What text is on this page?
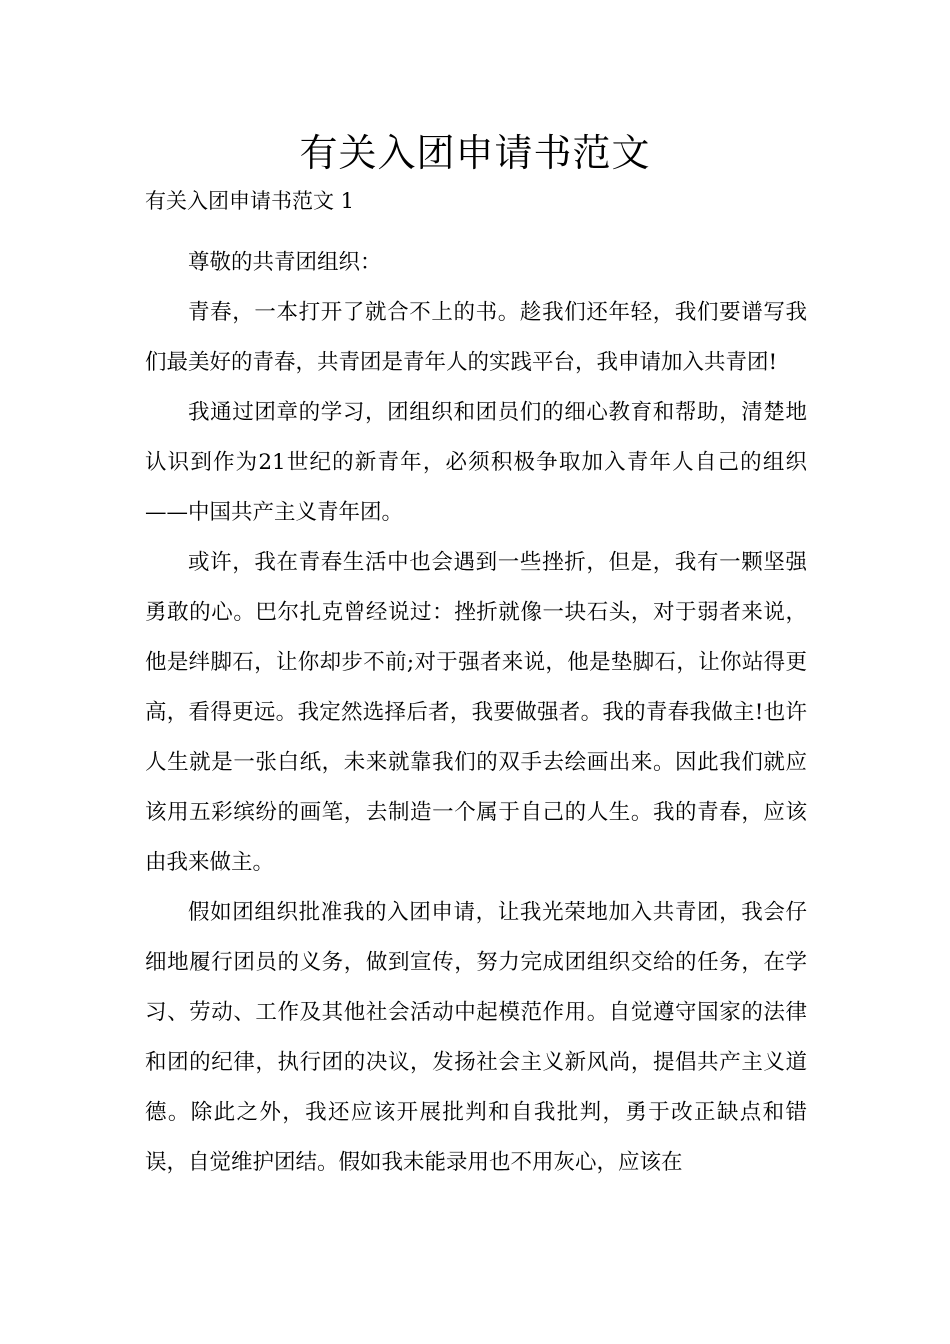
有关入团申请书范文
有关入团申请书范文 1

尊敬的共青团组织：

青春，一本打开了就合不上的书。趁我们还年轻，我们要谱写我们最美好的青春，共青团是青年人的实践平台，我申请加入共青团!

我通过团章的学习，团组织和团员们的细心教育和帮助，清楚地认识到作为21世纪的新青年，必须积极争取加入青年人自己的组织——中国共产主义青年团。

或许，我在青春生活中也会遇到一些挫折，但是，我有一颗坚强勇敢的心。巴尔扎克曾经说过：挫折就像一块石头，对于弱者来说，他是绊脚石，让你却步不前;对于强者来说，他是垫脚石，让你站得更高，看得更远。我定然选择后者，我要做强者。我的青春我做主!也许人生就是一张白纸，未来就靠我们的双手去绘画出来。因此我们就应该用五彩缤纷的画笔，去制造一个属于自己的人生。我的青春，应该由我来做主。

假如团组织批准我的入团申请，让我光荣地加入共青团，我会仔细地履行团员的义务，做到宣传，努力完成团组织交给的任务，在学习、劳动、工作及其他社会活动中起模范作用。自觉遵守国家的法律和团的纪律，执行团的决议，发扬社会主义新风尚，提倡共产主义道德。除此之外，我还应该开展批判和自我批判，勇于改正缺点和错误，自觉维护团结。假如我未能录用也不用灰心，应该在
